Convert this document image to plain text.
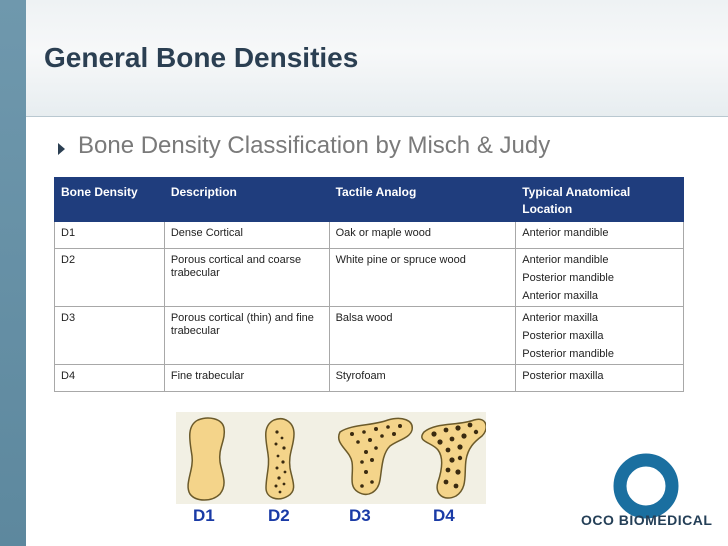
General Bone Densities
Bone Density Classification by Misch & Judy
Bone Density	Description	Tactile Analog	Typical Anatomical Location
D1	Dense Cortical	Oak or maple wood	Anterior mandible

D2	Porous cortical and coarse trabecular	White pine or spruce wood	Anterior mandible
Posterior mandible
Anterior maxilla

D3	Porous cortical (thin) and fine trabecular	Balsa wood	Anterior maxilla
Posterior maxilla
Posterior mandible

D4	Fine trabecular	Styrofoam	Posterior maxilla
D1	D2	D3	D4	OCO BIOMEDICAL
